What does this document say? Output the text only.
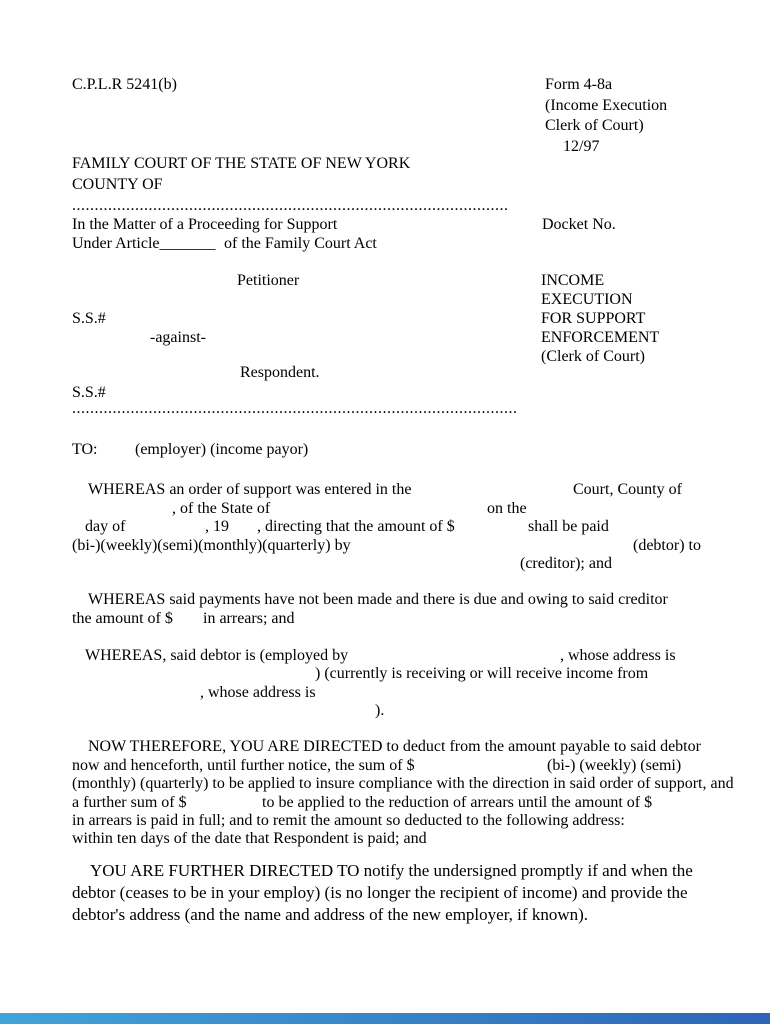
C.P.L.R 5241(b)	Form 4-8a
(Income Execution
Clerk of Court)
12/97
FAMILY COURT OF THE STATE OF NEW YORK
COUNTY OF
.................................................................................................
In the Matter of a Proceeding for Support	Docket No.
Under Article_______ of the Family Court Act
Petitioner	INCOME
EXECUTION
S.S.#	FOR SUPPORT
-against-	ENFORCEMENT
(Clerk of Court)
Respondent.
S.S.#
...................................................................................................
TO: (employer) (income payor)
WHEREAS an order of support was entered in the	Court, County of
, of the State of	on the
day of	, 19 , directing that the amount of $	shall be paid
(bi-)(weekly)(semi)(monthly)(quarterly) by	(debtor) to
(creditor); and
WHEREAS said payments have not been made and there is due and owing to said creditor
the amount of $ in arrears; and
WHEREAS, said debtor is (employed by	, whose address is
) (currently is receiving or will receive income from
, whose address is
).
NOW THEREFORE, YOU ARE DIRECTED to deduct from the amount payable to said debtor
now and henceforth, until further notice, the sum of $	(bi-) (weekly) (semi)
(monthly) (quarterly) to be applied to insure compliance with the direction in said order of support, and
a further sum of $	to be applied to the reduction of arrears until the amount of $
in arrears is paid in full; and to remit the amount so deducted to the following address:
within ten days of the date that Respondent is paid; and
YOU ARE FURTHER DIRECTED TO notify the undersigned promptly if and when the
debtor (ceases to be in your employ) (is no longer the recipient of income) and provide the
debtor's address (and the name and address of the new employer, if known).
